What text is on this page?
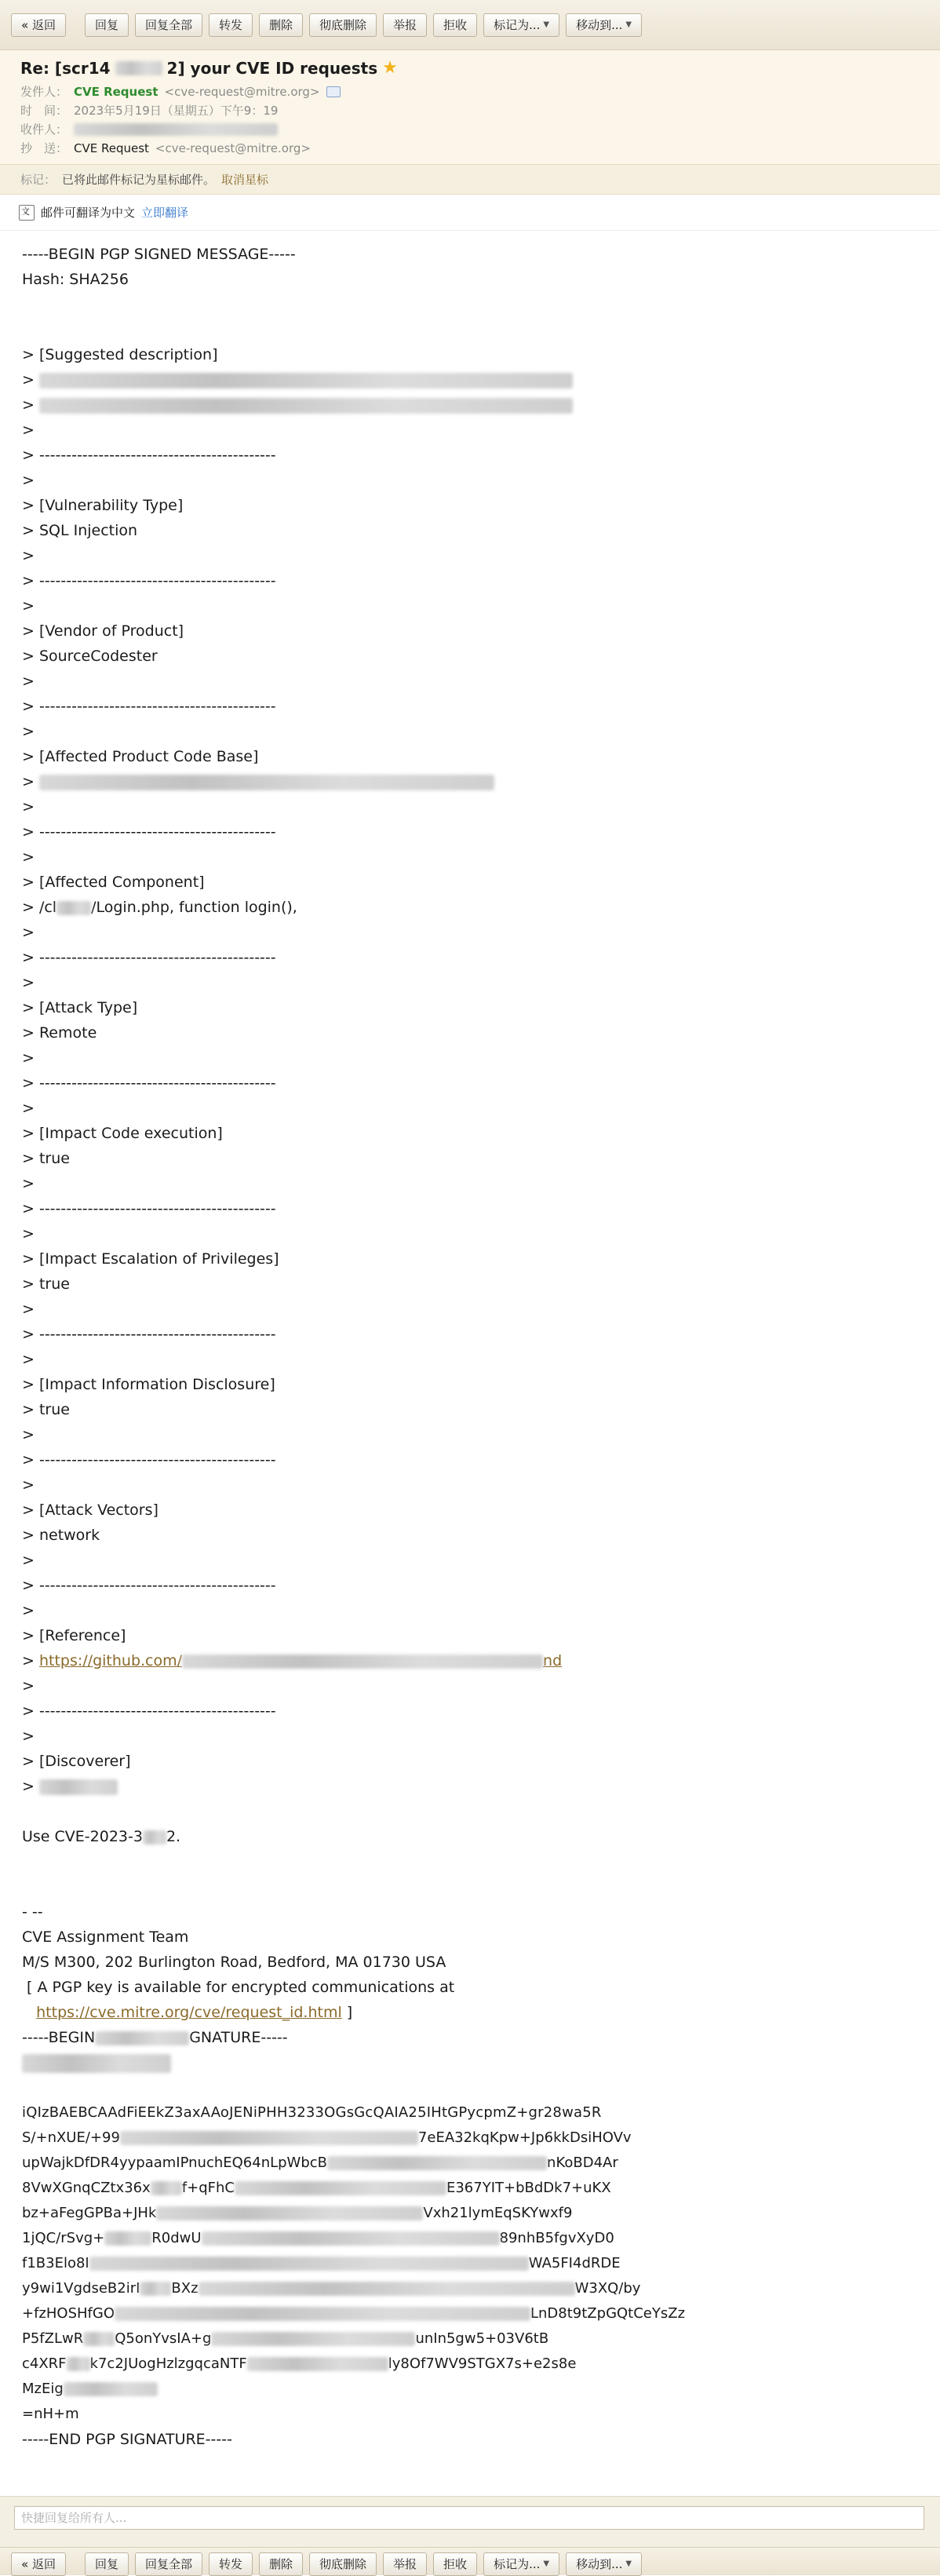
« 返回	回复	回复全部	转发	删除	彻底删除	举报	拒收	标记为... ▼ 移动到... ▼
Re: [scr14	2] your CVE ID requests ★
发件人： CVE Request <cve-request@mitre.org>
时　间： 2023年5月19日（星期五）下午9：19
收件人：
抄　送： CVE Request <cve-request@mitre.org>
标记： 已将此邮件标记为星标邮件。 取消星标
文 邮件可翻译为中文 立即翻译
-----BEGIN PGP SIGNED MESSAGE-----
Hash: SHA256
> [Suggested description]
>
>
>
> --------------------------------------------
>
> [Vulnerability Type]
> SQL Injection
>
> --------------------------------------------
>
> [Vendor of Product]
> SourceCodester
>
> --------------------------------------------
>
> [Affected Product Code Base]
>
>
> --------------------------------------------
>
> [Affected Component]
> /cl /Login.php, function login(),
>
> --------------------------------------------
>
> [Attack Type]
> Remote
>
> --------------------------------------------
>
> [Impact Code execution]
> true
>
> --------------------------------------------
>
> [Impact Escalation of Privileges]
> true
>
> --------------------------------------------
>
> [Impact Information Disclosure]
> true
>
> --------------------------------------------
>
> [Attack Vectors]
> network
>
> --------------------------------------------
>
> [Reference]
> https://github.com/	nd
>
> --------------------------------------------
>
> [Discoverer]
>
Use CVE-2023-3 2.
- --
CVE Assignment Team
M/S M300, 202 Burlington Road, Bedford, MA 01730 USA
[ A PGP key is available for encrypted communications at
https://cve.mitre.org/cve/request_id.html ]
-----BEGIN	GNATURE-----
iQIzBAEBCAAdFiEEkZ3axAAoJENiPHH3233OGsGcQAIA25IHtGPycpmZ+gr28wa5R
S/+nXUE/+99	7eEA32kqKpw+Jp6kkDsiHOVv
upWajkDfDR4yypaamIPnuchEQ64nLpWbcB	nKoBD4Ar
8VwXGnqCZtx36x f+qFhC	E367YIT+bBdDk7+uKX
bz+aFegGPBa+JHk	Vxh21lymEqSKYwxf9
1jQC/rSvg+	R0dwU	89nhB5fgvXyD0
f1B3Elo8I	WA5FI4dRDE
y9wi1VgdseB2irI BXz	W3XQ/by
+fzHOSHfGO	LnD8t9tZpGQtCeYsZz
P5fZLwR Q5onYvsIA+g	unIn5gw5+03V6tB
c4XRF k7c2JUogHzlzgqcaNTF	ly8Of7WV9STGX7s+e2s8e
MzEig
=nH+m
-----END PGP SIGNATURE-----
快捷回复给所有人...
« 返回	回复	回复全部	转发	删除	彻底删除	举报	拒收	标记为... ▼ 移动到... ▼
